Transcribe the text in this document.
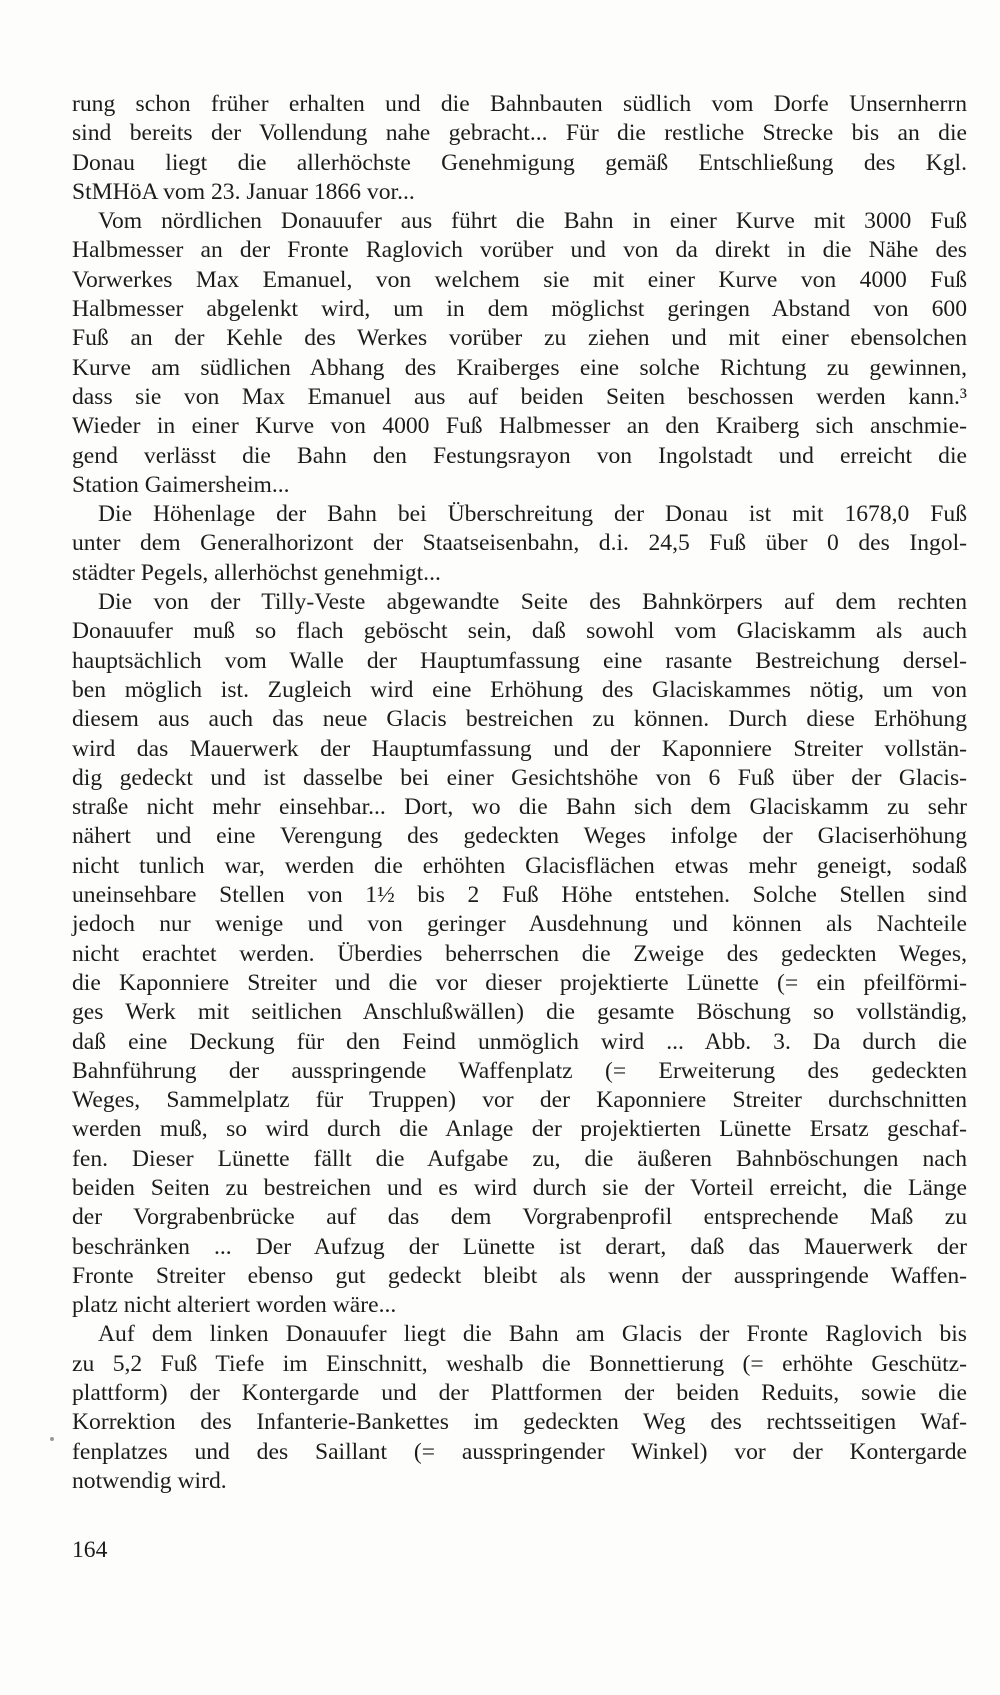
rung schon früher erhalten und die Bahnbauten südlich vom Dorfe Unsernherrn
sind bereits der Vollendung nahe gebracht... Für die restliche Strecke bis an die
Donau liegt die allerhöchste Genehmigung gemäß Entschließung des Kgl.
StMHöA vom 23. Januar 1866 vor...
Vom nördlichen Donauufer aus führt die Bahn in einer Kurve mit 3000 Fuß
Halbmesser an der Fronte Raglovich vorüber und von da direkt in die Nähe des
Vorwerkes Max Emanuel, von welchem sie mit einer Kurve von 4000 Fuß
Halbmesser abgelenkt wird, um in dem möglichst geringen Abstand von 600
Fuß an der Kehle des Werkes vorüber zu ziehen und mit einer ebensolchen
Kurve am südlichen Abhang des Kraiberges eine solche Richtung zu gewinnen,
dass sie von Max Emanuel aus auf beiden Seiten beschossen werden kann.³
Wieder in einer Kurve von 4000 Fuß Halbmesser an den Kraiberg sich anschmie-
gend verlässt die Bahn den Festungsrayon von Ingolstadt und erreicht die
Station Gaimersheim...
Die Höhenlage der Bahn bei Überschreitung der Donau ist mit 1678,0 Fuß
unter dem Generalhorizont der Staatseisenbahn, d.i. 24,5 Fuß über 0 des Ingol-
städter Pegels, allerhöchst genehmigt...
Die von der Tilly-Veste abgewandte Seite des Bahnkörpers auf dem rechten
Donauufer muß so flach geböscht sein, daß sowohl vom Glaciskamm als auch
hauptsächlich vom Walle der Hauptumfassung eine rasante Bestreichung dersel-
ben möglich ist. Zugleich wird eine Erhöhung des Glaciskammes nötig, um von
diesem aus auch das neue Glacis bestreichen zu können. Durch diese Erhöhung
wird das Mauerwerk der Hauptumfassung und der Kaponniere Streiter vollstän-
dig gedeckt und ist dasselbe bei einer Gesichtshöhe von 6 Fuß über der Glacis-
straße nicht mehr einsehbar... Dort, wo die Bahn sich dem Glaciskamm zu sehr
nähert und eine Verengung des gedeckten Weges infolge der Glaciserhöhung
nicht tunlich war, werden die erhöhten Glacisflächen etwas mehr geneigt, sodaß
uneinsehbare Stellen von 1½ bis 2 Fuß Höhe entstehen. Solche Stellen sind
jedoch nur wenige und von geringer Ausdehnung und können als Nachteile
nicht erachtet werden. Überdies beherrschen die Zweige des gedeckten Weges,
die Kaponniere Streiter und die vor dieser projektierte Lünette (= ein pfeilförmi-
ges Werk mit seitlichen Anschlußwällen) die gesamte Böschung so vollständig,
daß eine Deckung für den Feind unmöglich wird ... Abb. 3. Da durch die
Bahnführung der ausspringende Waffenplatz (= Erweiterung des gedeckten
Weges, Sammelplatz für Truppen) vor der Kaponniere Streiter durchschnitten
werden muß, so wird durch die Anlage der projektierten Lünette Ersatz geschaf-
fen. Dieser Lünette fällt die Aufgabe zu, die äußeren Bahnböschungen nach
beiden Seiten zu bestreichen und es wird durch sie der Vorteil erreicht, die Länge
der Vorgrabenbrücke auf das dem Vorgrabenprofil entsprechende Maß zu
beschränken ... Der Aufzug der Lünette ist derart, daß das Mauerwerk der
Fronte Streiter ebenso gut gedeckt bleibt als wenn der ausspringende Waffen-
platz nicht alteriert worden wäre...
Auf dem linken Donauufer liegt die Bahn am Glacis der Fronte Raglovich bis
zu 5,2 Fuß Tiefe im Einschnitt, weshalb die Bonnettierung (= erhöhte Geschütz-
plattform) der Kontergarde und der Plattformen der beiden Reduits, sowie die
Korrektion des Infanterie-Bankettes im gedeckten Weg des rechtsseitigen Waf-
fenplatzes und des Saillant (= ausspringender Winkel) vor der Kontergarde
notwendig wird.
164
